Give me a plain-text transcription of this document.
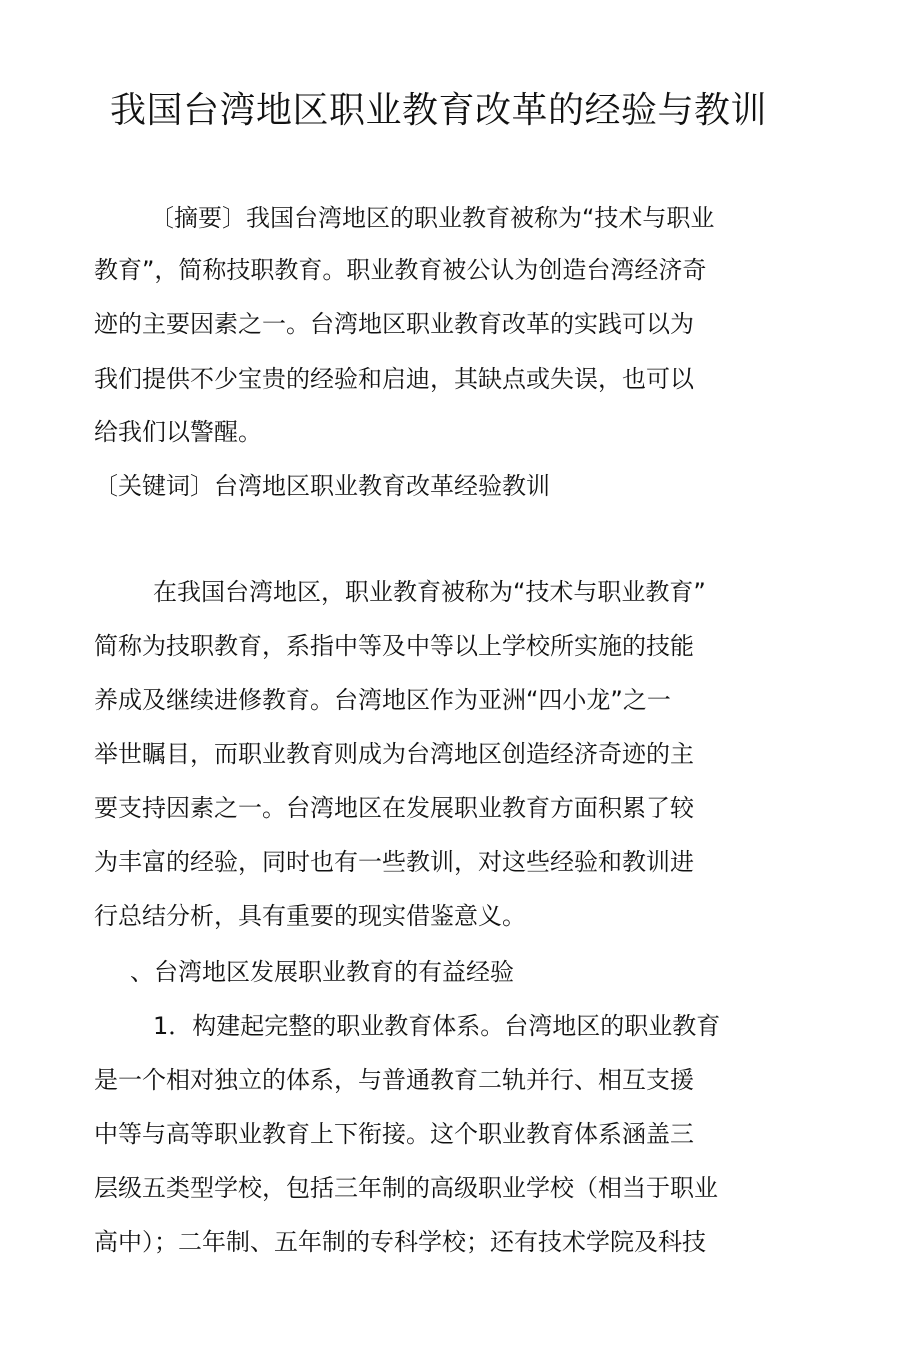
我国台湾地区职业教育改革的经验与教训
〔摘要〕我国台湾地区的职业教育被称为“技术与职业
教育”，简称技职教育。职业教育被公认为创造台湾经济奇
迹的主要因素之一。台湾地区职业教育改革的实践可以为
我们提供不少宝贵的经验和启迪，其缺点或失误，也可以
给我们以警醒。
〔关键词〕台湾地区职业教育改革经验教训
在我国台湾地区，职业教育被称为“技术与职业教育”
简称为技职教育，系指中等及中等以上学校所实施的技能
养成及继续进修教育。台湾地区作为亚洲“四小龙”之一
举世瞩目，而职业教育则成为台湾地区创造经济奇迹的主
要支持因素之一。台湾地区在发展职业教育方面积累了较
为丰富的经验，同时也有一些教训，对这些经验和教训进
行总结分析，具有重要的现实借鉴意义。
、台湾地区发展职业教育的有益经验
1．构建起完整的职业教育体系。台湾地区的职业教育
是一个相对独立的体系，与普通教育二轨并行、相互支援
中等与高等职业教育上下衔接。这个职业教育体系涵盖三
层级五类型学校，包括三年制的高级职业学校（相当于职业
高中）；二年制、五年制的专科学校；还有技术学院及科技
